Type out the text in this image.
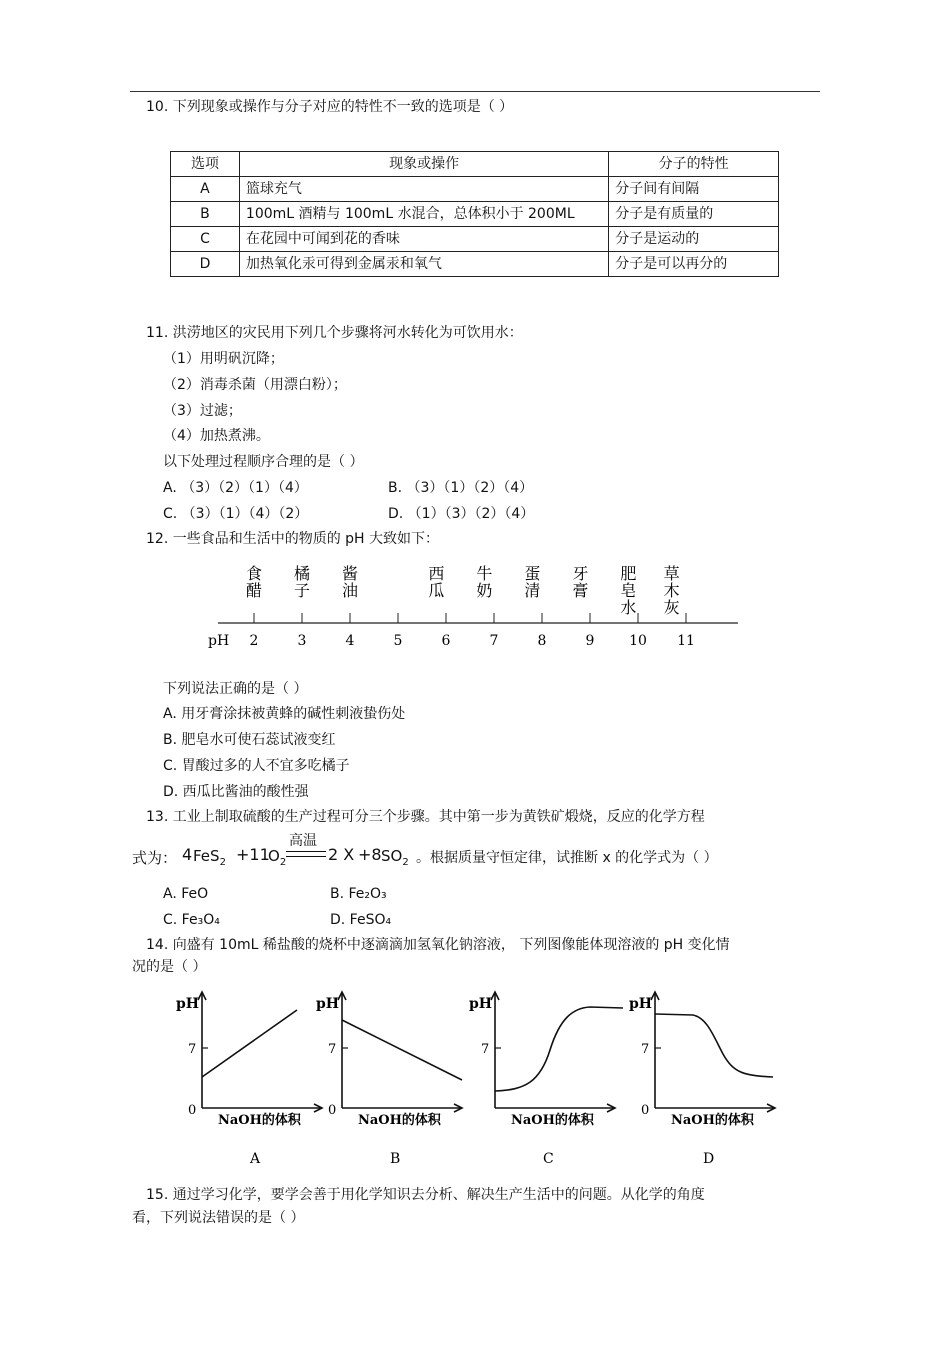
10. 下列现象或操作与分子对应的特性不一致的选项是（ ）
选项	现象或操作	分子的特性
A	篮球充气	分子间有间隔
B	100mL 酒精与 100mL 水混合，总体积小于 200ML	分子是有质量的
C	在花园中可闻到花的香味	分子是运动的
D	加热氧化汞可得到金属汞和氧气	分子是可以再分的
11. 洪涝地区的灾民用下列几个步骤将河水转化为可饮用水：
（1）用明矾沉降；
（2）消毒杀菌（用漂白粉）；
（3）过滤；
（4）加热煮沸。
以下处理过程顺序合理的是（ ）
A. （3）（2）（1）（4）	B. （3）（1）（2）（4）
C. （3）（1）（4）（2）	D. （1）（3）（2）（4）
12. 一些食品和生活中的物质的 pH 大致如下：
pH 2	3	4	5	6	7	8	9 10 11
食
醋
橘
子
酱
油
西
瓜
牛
奶
蛋
清
牙
膏
肥
皂
水
草
木
灰
下列说法正确的是（ ）
A. 用牙膏涂抹被黄蜂的碱性刺液蛰伤处
B. 肥皂水可使石蕊试液变红
C. 胃酸过多的人不宜多吃橘子
D. 西瓜比酱油的酸性强
13. 工业上制取硫酸的生产过程可分三个步骤。其中第一步为黄铁矿煅烧，反应的化学方程
式为： 4 FeS$_2$ +11
$O_2$
高温
2 X +8 $SO_2$ 。根据质量守恒定律，试推断 x 的化学式为（ ）
A. FeO	B. Fe₂O₃
C. Fe₃O₄	D. FeSO₄
14. 向盛有 10mL 稀盐酸的烧杯中逐滴滴加氢氧化钠溶液， 下列图像能体现溶液的 pH 变化情
况的是（ ）
pH
7
0
NaOH的体积
A
pH
7
0
NaOH的体积
B
pH
7
NaOH的体积
C
pH
7
0
NaOH的体积
D
15. 通过学习化学，要学会善于用化学知识去分析、解决生产生活中的问题。从化学的角度
看，下列说法错误的是（ ）
